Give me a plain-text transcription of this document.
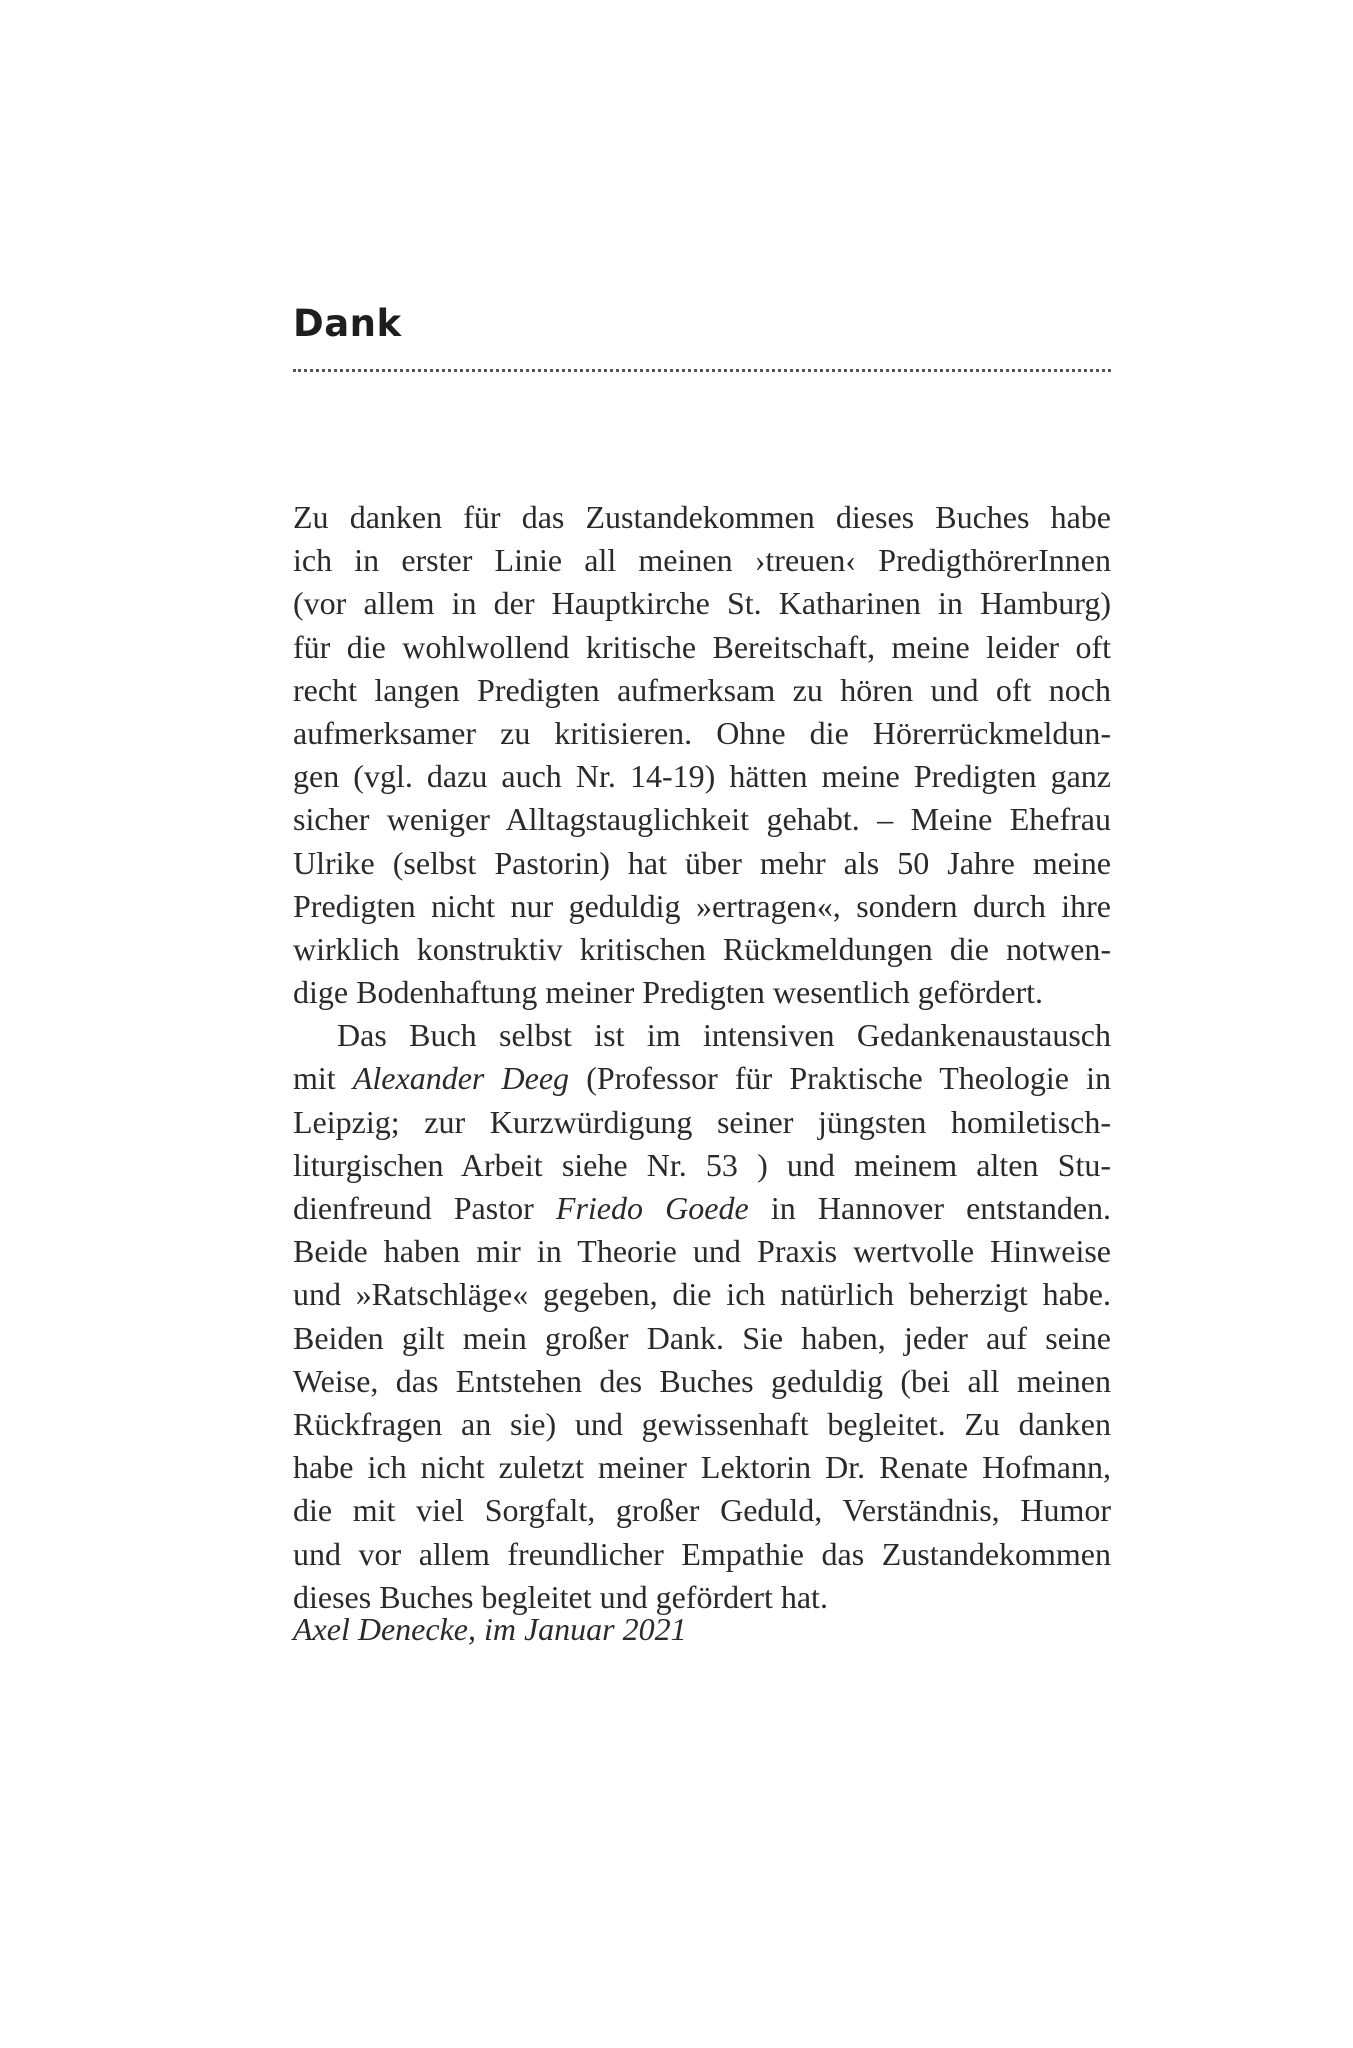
Dank
Zu danken für das Zustandekommen dieses Buches habe
ich in erster Linie all meinen ›treuen‹ PredigthörerInnen
(vor allem in der Hauptkirche St. Katharinen in Hamburg)
für die wohlwollend kritische Bereitschaft, meine leider oft
recht langen Predigten aufmerksam zu hören und oft noch
aufmerksamer zu kritisieren. Ohne die Hörerrückmeldun-
gen (vgl. dazu auch Nr. 14-19) hätten meine Predigten ganz
sicher weniger Alltagstauglichkeit gehabt. – Meine Ehefrau
Ulrike (selbst Pastorin) hat über mehr als 50 Jahre meine
Predigten nicht nur geduldig »ertragen«, sondern durch ihre
wirklich konstruktiv kritischen Rückmeldungen die notwen-
dige Bodenhaftung meiner Predigten wesentlich gefördert.
Das Buch selbst ist im intensiven Gedankenaustausch
mit Alexander Deeg (Professor für Praktische Theologie in
Leipzig; zur Kurzwürdigung seiner jüngsten homiletisch-
liturgischen Arbeit siehe Nr. 53 ) und meinem alten Stu-
dienfreund Pastor Friedo Goede in Hannover entstanden.
Beide haben mir in Theorie und Praxis wertvolle Hinweise
und »Ratschläge« gegeben, die ich natürlich beherzigt habe.
Beiden gilt mein großer Dank. Sie haben, jeder auf seine
Weise, das Entstehen des Buches geduldig (bei all meinen
Rückfragen an sie) und gewissenhaft begleitet. Zu danken
habe ich nicht zuletzt meiner Lektorin Dr. Renate Hofmann,
die mit viel Sorgfalt, großer Geduld, Verständnis, Humor
und vor allem freundlicher Empathie das Zustandekommen
dieses Buches begleitet und gefördert hat.
Axel Denecke, im Januar 2021
